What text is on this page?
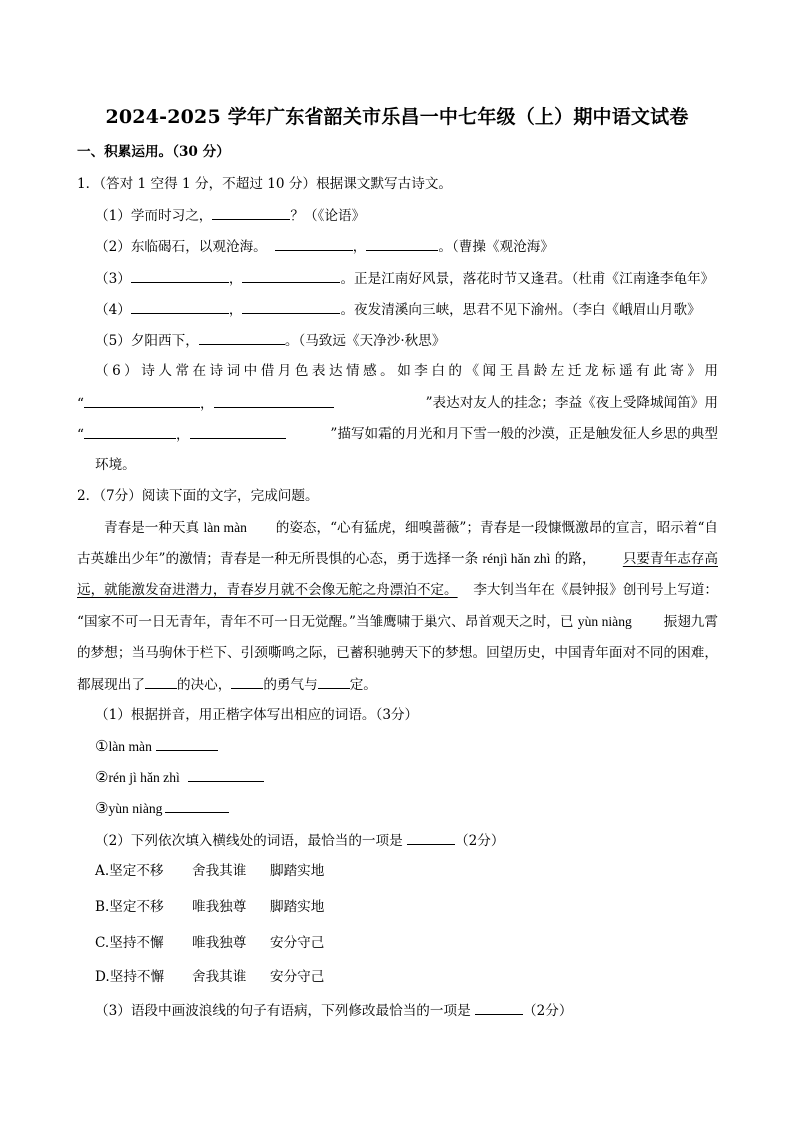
2024-2025 学年广东省韶关市乐昌一中七年级（上）期中语文试卷
一、积累运用。（30 分）
1．（答对 1 空得 1 分，不超过 10 分）根据课文默写古诗文。
（1）学而时习之，	？（《论语》
（2）东临碣石，以观沧海。	，	。（曹操《观沧海》
（3）	，	。正是江南好风景，落花时节又逢君。（杜甫《江南逢李龟年》
（4）	，	。夜发清溪向三峡，思君不见下渝州。（李白《峨眉山月歌》
（5）夕阳西下，	。（马致远《天净沙·秋思》
（6）诗人常在诗词中借月色表达情感。如李白的《闻王昌龄左迁龙标遥有此寄》用
“	，	”表达对友人的挂念；李益《夜上受降城闻笛》用
“	，	”描写如霜的月光和月下雪一般的沙漠，正是触发征人乡思的典型
环境。
2．（7分）阅读下面的文字，完成问题。
青春是一种天真 làn màn 的姿态，“心有猛虎，细嗅蔷薇”；青春是一段慷慨激昂的宣言，昭示着“自
古英雄出少年”的激情；青春是一种无所畏惧的心态，勇于选择一条 rénjì hǎn zhì 的路， 只要青年志存高
远，就能激发奋进潜力，青春岁月就不会像无舵之舟漂泊不定。 李大钊当年在《晨钟报》创刊号上写道：
“国家不可一日无青年，青年不可一日无觉醒。”当雏鹰啸于巢穴、昂首观天之时，已 yùn niàng 振翅九霄
的梦想；当马驹休于栏下、引颈嘶鸣之际，已蓄积驰骋天下的梦想。回望历史，中国青年面对不同的困难，
都展现出了 的决心， 的勇气与 定。
（1）根据拼音，用正楷字体写出相应的词语。（3分）
①làn màn
②rén jì hǎn zhì
③yùn niàng
（2）下列依次填入横线处的词语，最恰当的一项是	（2分）
A.坚定不移 舍我其谁 脚踏实地
B.坚定不移 唯我独尊 脚踏实地
C.坚持不懈 唯我独尊 安分守己
D.坚持不懈 舍我其谁 安分守己
（3）语段中画波浪线的句子有语病，下列修改最恰当的一项是	（2分）
